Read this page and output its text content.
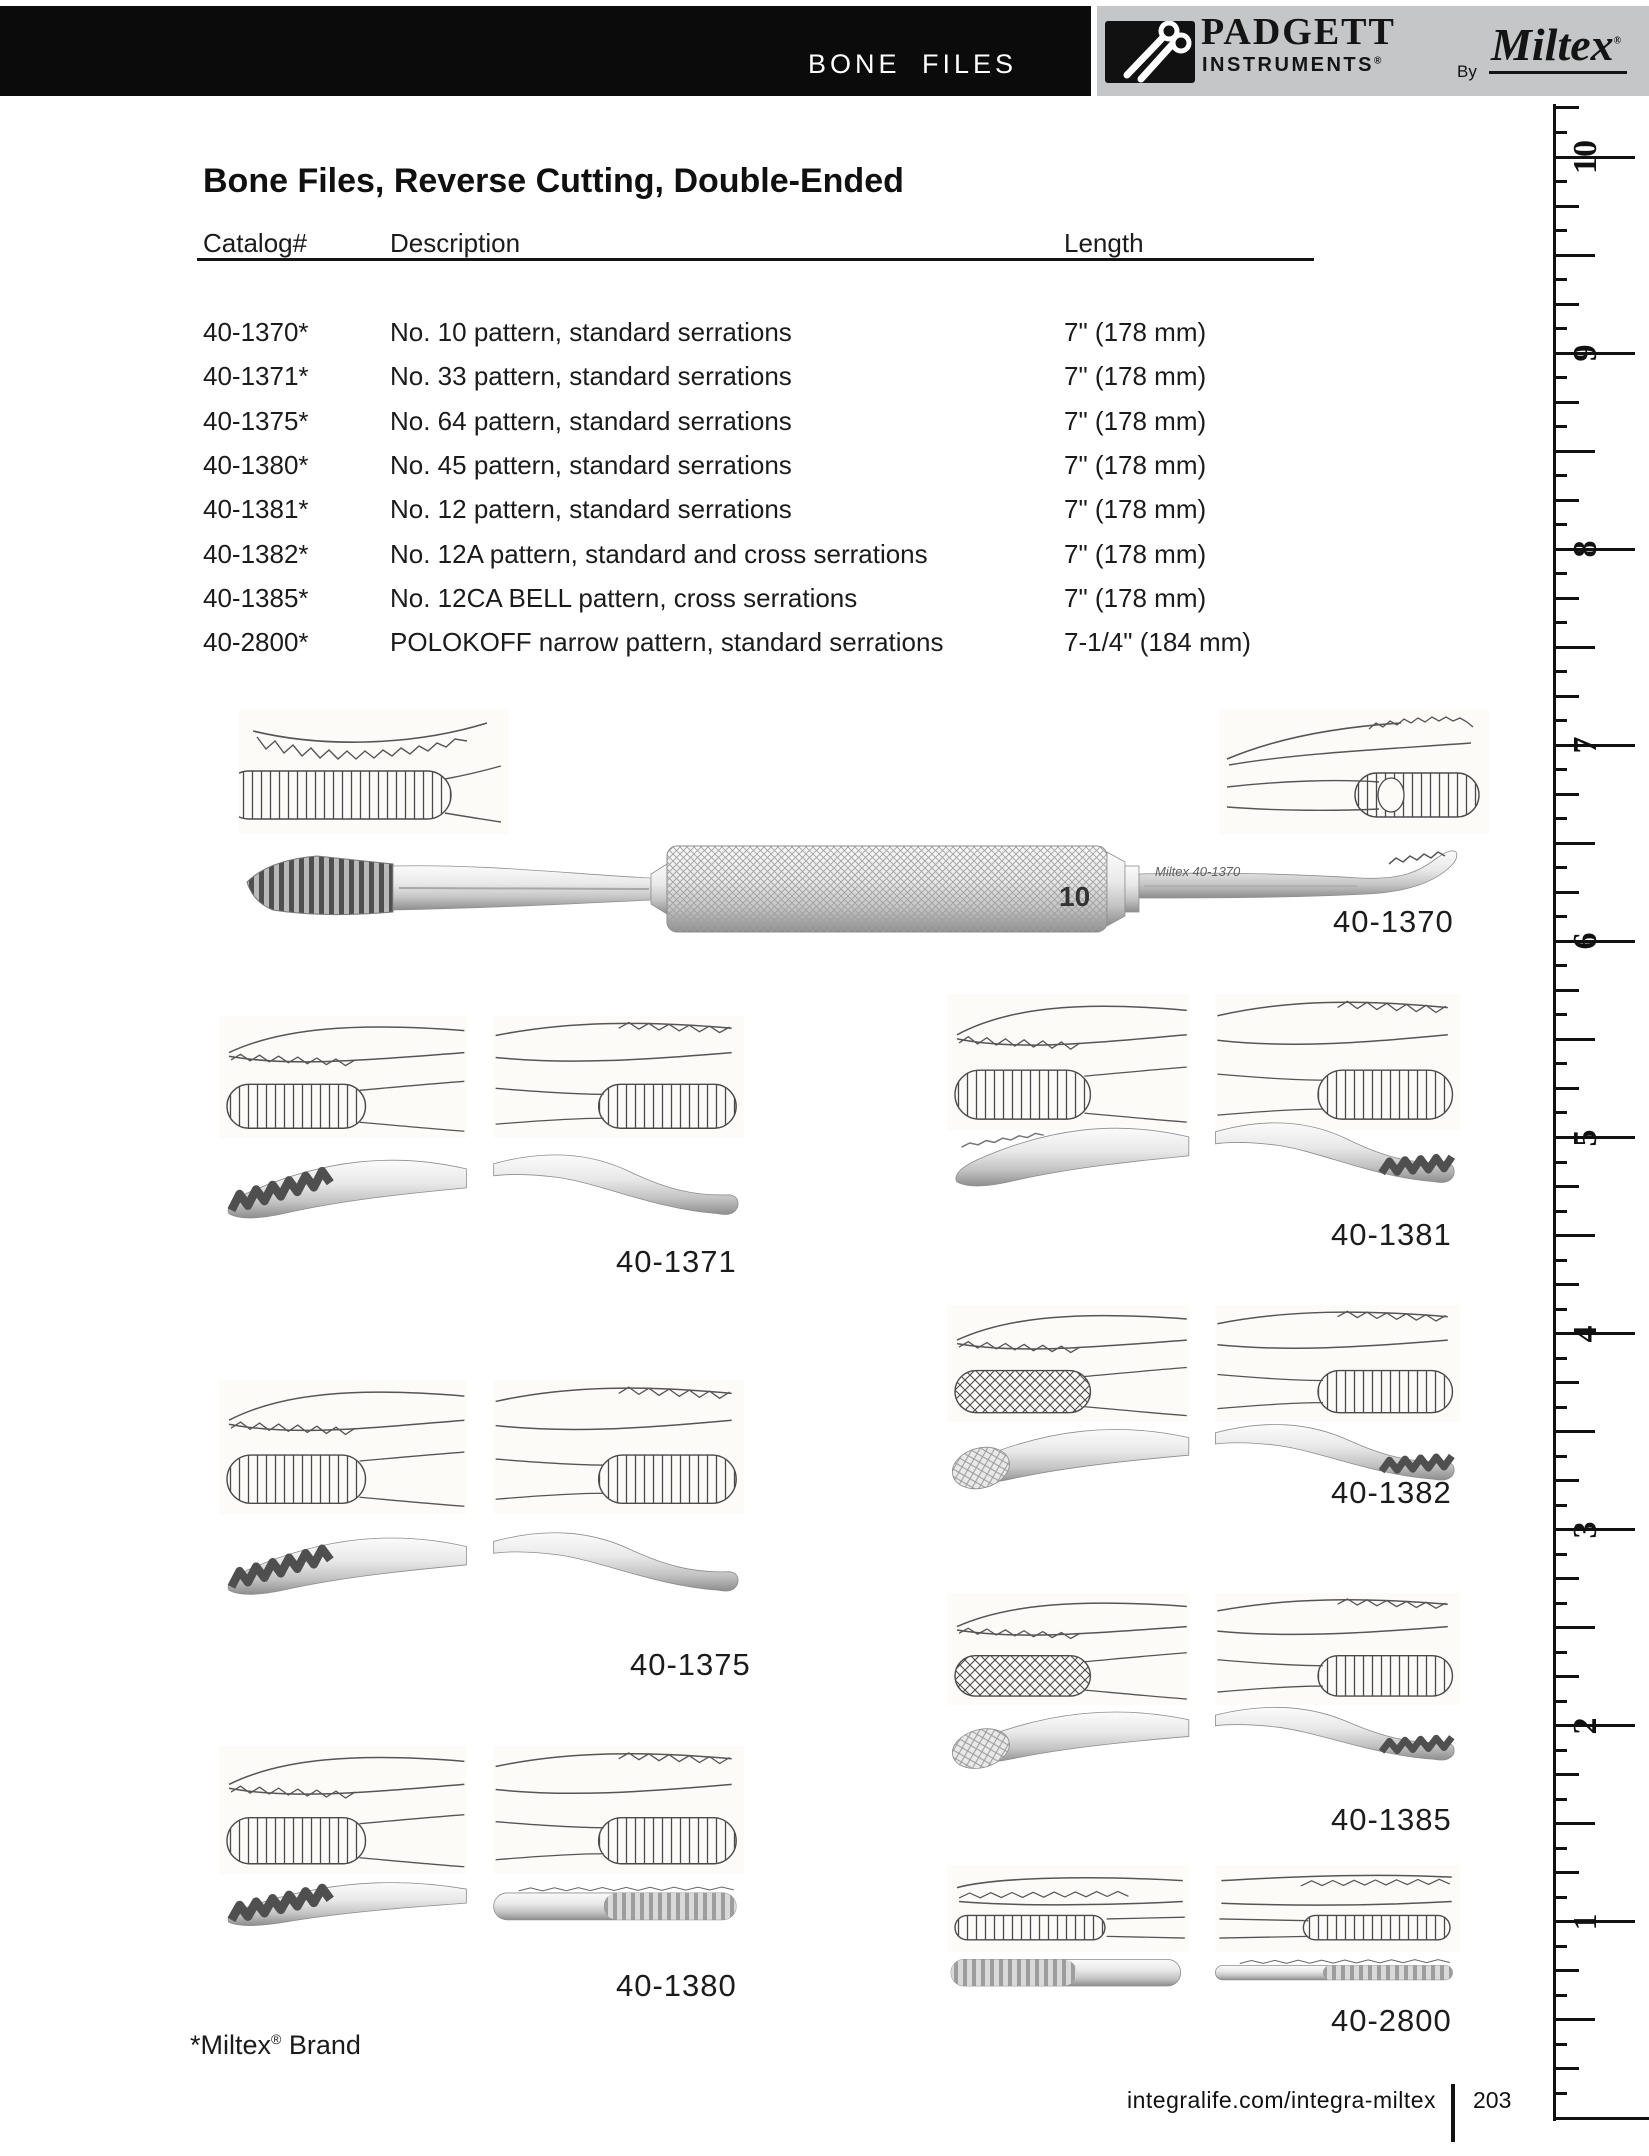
BONE FILES
PADGETT
INSTRUMENTS®
By
Miltex®
Bone Files, Reverse Cutting, Double-Ended
Catalog#	Description	Length
40-1370*	No. 10 pattern, standard serrations	7" (178 mm)
40-1371*	No. 33 pattern, standard serrations	7" (178 mm)
40-1375*	No. 64 pattern, standard serrations	7" (178 mm)
40-1380*	No. 45 pattern, standard serrations	7" (178 mm)
40-1381*	No. 12 pattern, standard serrations	7" (178 mm)
40-1382*	No. 12A pattern, standard and cross serrations	7" (178 mm)
40-1385*	No. 12CA BELL pattern, cross serrations	7" (178 mm)
40-2800*	POLOKOFF narrow pattern, standard serrations	7-1/4" (184 mm)
Miltex 40-1370
10
40-1370
40-1371
40-1375
40-1380
40-1381
40-1382
40-1385
40-2800
*Miltex® Brand
integralife.com/integra-miltex 203
1
2
3
4
5
6
7
8
9
10
